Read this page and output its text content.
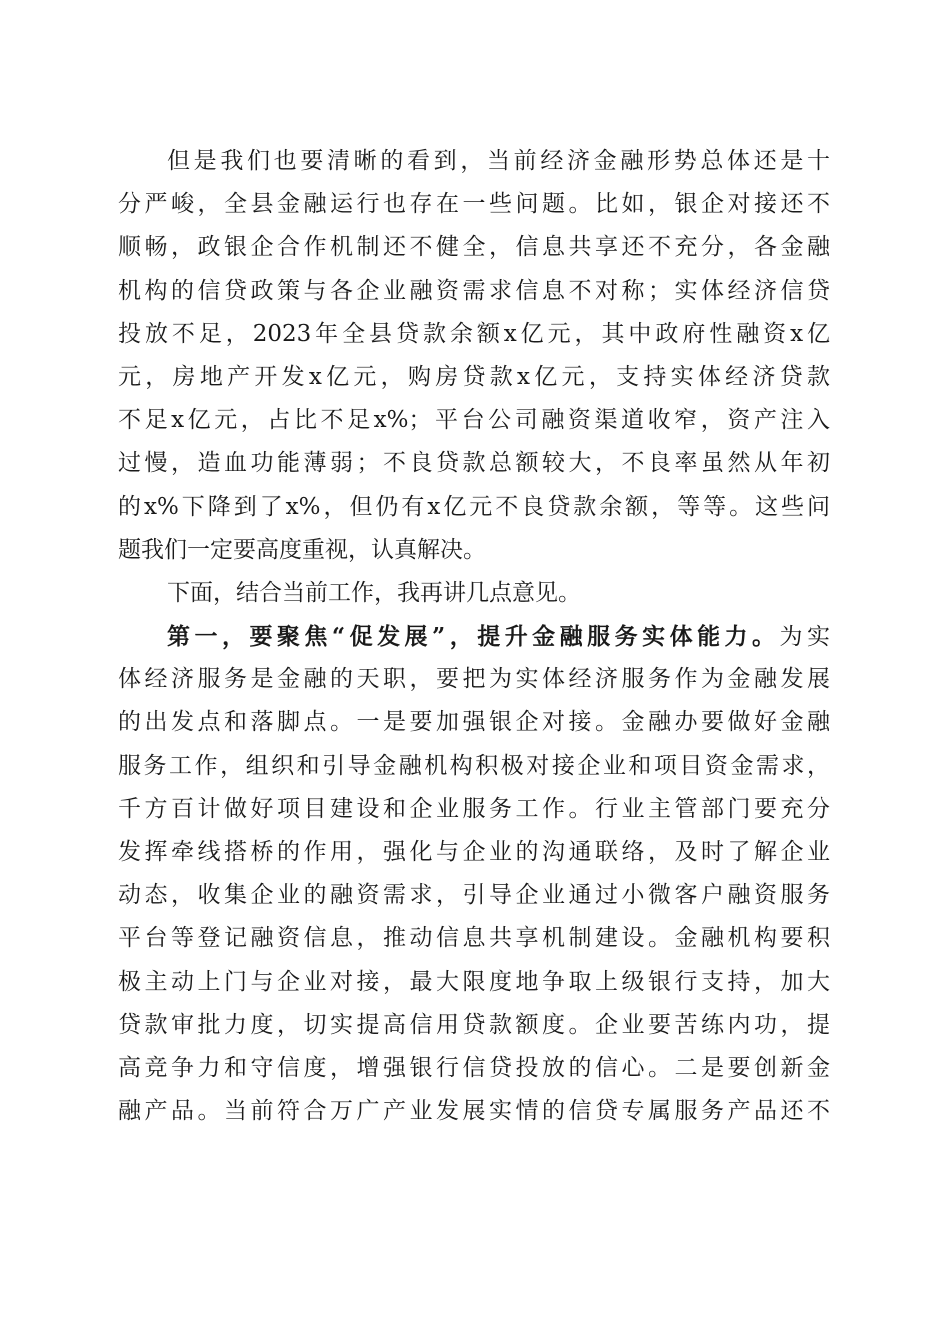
但是我们也要清晰的看到，当前经济金融形势总体还是十
分严峻，全县金融运行也存在一些问题。比如，银企对接还不
顺畅，政银企合作机制还不健全，信息共享还不充分，各金融
机构的信贷政策与各企业融资需求信息不对称；实体经济信贷
投放不足，2023年全县贷款余额x亿元，其中政府性融资x亿
元，房地产开发x亿元，购房贷款x亿元，支持实体经济贷款
不足x亿元，占比不足x%；平台公司融资渠道收窄，资产注入
过慢，造血功能薄弱；不良贷款总额较大，不良率虽然从年初
的x%下降到了x%，但仍有x亿元不良贷款余额，等等。这些问
题我们一定要高度重视，认真解决。
下面，结合当前工作，我再讲几点意见。
第一，要聚焦“促发展”，提升金融服务实体能力。为实
体经济服务是金融的天职，要把为实体经济服务作为金融发展
的出发点和落脚点。一是要加强银企对接。金融办要做好金融
服务工作，组织和引导金融机构积极对接企业和项目资金需求，
千方百计做好项目建设和企业服务工作。行业主管部门要充分
发挥牵线搭桥的作用，强化与企业的沟通联络，及时了解企业
动态，收集企业的融资需求，引导企业通过小微客户融资服务
平台等登记融资信息，推动信息共享机制建设。金融机构要积
极主动上门与企业对接，最大限度地争取上级银行支持，加大
贷款审批力度，切实提高信用贷款额度。企业要苦练内功，提
高竞争力和守信度，增强银行信贷投放的信心。二是要创新金
融产品。当前符合万广产业发展实情的信贷专属服务产品还不
